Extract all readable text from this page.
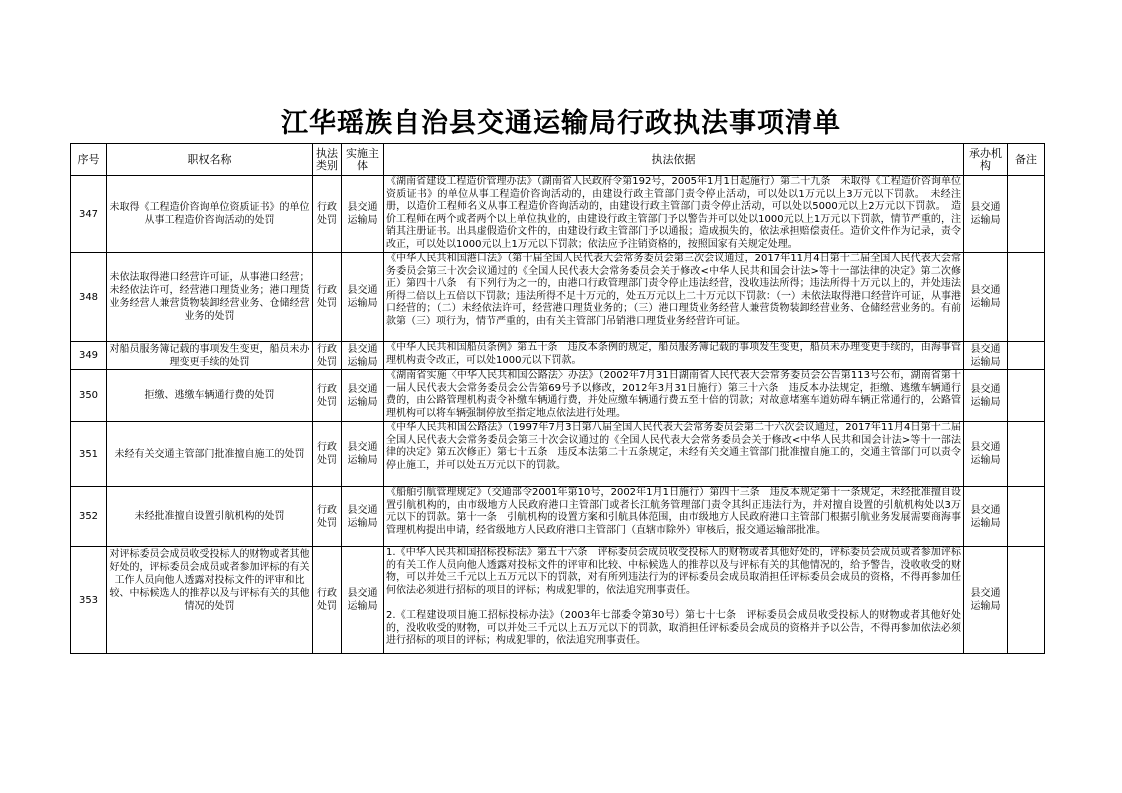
江华瑶族自治县交通运输局行政执法事项清单
序号	职权名称	执法类别	实施主体	执法依据	承办机构	备注
347	未取得《工程造价咨询单位资质证书》的单位从事工程造价咨询活动的处罚	行政处罚	县交通运输局	《湖南省建设工程造价管理办法》（湖南省人民政府令第192号，2005年1月1日起施行）第二十九条　未取得《工程造价咨询单位资质证书》的单位从事工程造价咨询活动的，由建设行政主管部门责令停止活动，可以处以1万元以上3万元以下罚款。　未经注册，以造价工程师名义从事工程造价咨询活动的，由建设行政主管部门责令停止活动，可以处以5000元以上2万元以下罚款。　造价工程师在两个或者两个以上单位执业的，由建设行政主管部门予以警告并可以处以1000元以上1万元以下罚款，情节严重的，注销其注册证书。出具虚假造价文件的，由建设行政主管部门予以通报；造成损失的，依法承担赔偿责任。造价文件作为记录，责令改正，可以处以1000元以上1万元以下罚款；依法应予注销资格的，按照国家有关规定处理。	县交通运输局	
348	未依法取得港口经营许可证，从事港口经营；未经依法许可，经营港口理货业务；港口理货业务经营人兼营货物装卸经营业务、仓储经营业务的处罚	行政处罚	县交通运输局	《中华人民共和国港口法》（第十届全国人民代表大会常务委员会第三次会议通过，2017年11月4日第十二届全国人民代表大会常务委员会第三十次会议通过的《全国人民代表大会常务委员会关于修改<中华人民共和国会计法>等十一部法律的决定》第二次修正）第四十八条　有下列行为之一的，由港口行政管理部门责令停止违法经营，没收违法所得；违法所得十万元以上的，并处违法所得二倍以上五倍以下罚款；违法所得不足十万元的，处五万元以上二十万元以下罚款：（一）未依法取得港口经营许可证，从事港口经营的；（二）未经依法许可，经营港口理货业务的；（三）港口理货业务经营人兼营货物装卸经营业务、仓储经营业务的。有前款第（三）项行为，情节严重的，由有关主管部门吊销港口理货业务经营许可证。	县交通运输局	
349	对船员服务簿记载的事项发生变更，船员未办理变更手续的处罚	行政处罚	县交通运输局	《中华人民共和国船员条例》第五十条　违反本条例的规定，船员服务簿记载的事项发生变更，船员未办理变更手续的，由海事管理机构责令改正，可以处1000元以下罚款。	县交通运输局	
350	拒缴、逃缴车辆通行费的处罚	行政处罚	县交通运输局	《湖南省实施〈中华人民共和国公路法〉办法》（2002年7月31日湖南省人民代表大会常务委员会公告第113号公布，湖南省第十一届人民代表大会常务委员会公告第69号予以修改，2012年3月31日施行）第三十六条　违反本办法规定，拒缴、逃缴车辆通行费的，由公路管理机构责令补缴车辆通行费，并处应缴车辆通行费五至十倍的罚款；对故意堵塞车道妨碍车辆正常通行的，公路管理机构可以将车辆强制停放至指定地点依法进行处理。	县交通运输局	
351	未经有关交通主管部门批准擅自施工的处罚	行政处罚	县交通运输局	《中华人民共和国公路法》（1997年7月3日第八届全国人民代表大会常务委员会第二十六次会议通过，2017年11月4日第十二届全国人民代表大会常务委员会第三十次会议通过的《全国人民代表大会常务委员会关于修改<中华人民共和国会计法>等十一部法律的决定》第五次修正）第七十五条　违反本法第二十五条规定，未经有关交通主管部门批准擅自施工的，交通主管部门可以责令停止施工，并可以处五万元以下的罚款。	县交通运输局	
352	未经批准擅自设置引航机构的处罚	行政处罚	县交通运输局	《船舶引航管理规定》（交通部令2001年第10号，2002年1月1日施行）第四十三条　违反本规定第十一条规定，未经批准擅自设置引航机构的，由市级地方人民政府港口主管部门或者长江航务管理部门责令其纠正违法行为，并对擅自设置的引航机构处以3万元以下的罚款。第十一条　引航机构的设置方案和引航具体范围，由市级地方人民政府港口主管部门根据引航业务发展需要商海事管理机构提出申请，经省级地方人民政府港口主管部门（直辖市除外）审核后，报交通运输部批准。	县交通运输局	
353	对评标委员会成员收受投标人的财物或者其他好处的，评标委员会成员或者参加评标的有关工作人员向他人透露对投标文件的评审和比较、中标候选人的推荐以及与评标有关的其他情况的处罚	行政处罚	县交通运输局	1.《中华人民共和国招标投标法》第五十六条　评标委员会成员收受投标人的财物或者其他好处的，评标委员会成员或者参加评标的有关工作人员向他人透露对投标文件的评审和比较、中标候选人的推荐以及与评标有关的其他情况的，给予警告，没收收受的财物，可以并处三千元以上五万元以下的罚款，对有所列违法行为的评标委员会成员取消担任评标委员会成员的资格，不得再参加任何依法必须进行招标的项目的评标；构成犯罪的，依法追究刑事责任。
2.《工程建设项目施工招标投标办法》（2003年七部委令第30号）第七十七条　评标委员会成员收受投标人的财物或者其他好处的，没收收受的财物，可以并处三千元以上五万元以下的罚款，取消担任评标委员会成员的资格并予以公告，不得再参加依法必须进行招标的项目的评标；构成犯罪的，依法追究刑事责任。	县交通运输局	
